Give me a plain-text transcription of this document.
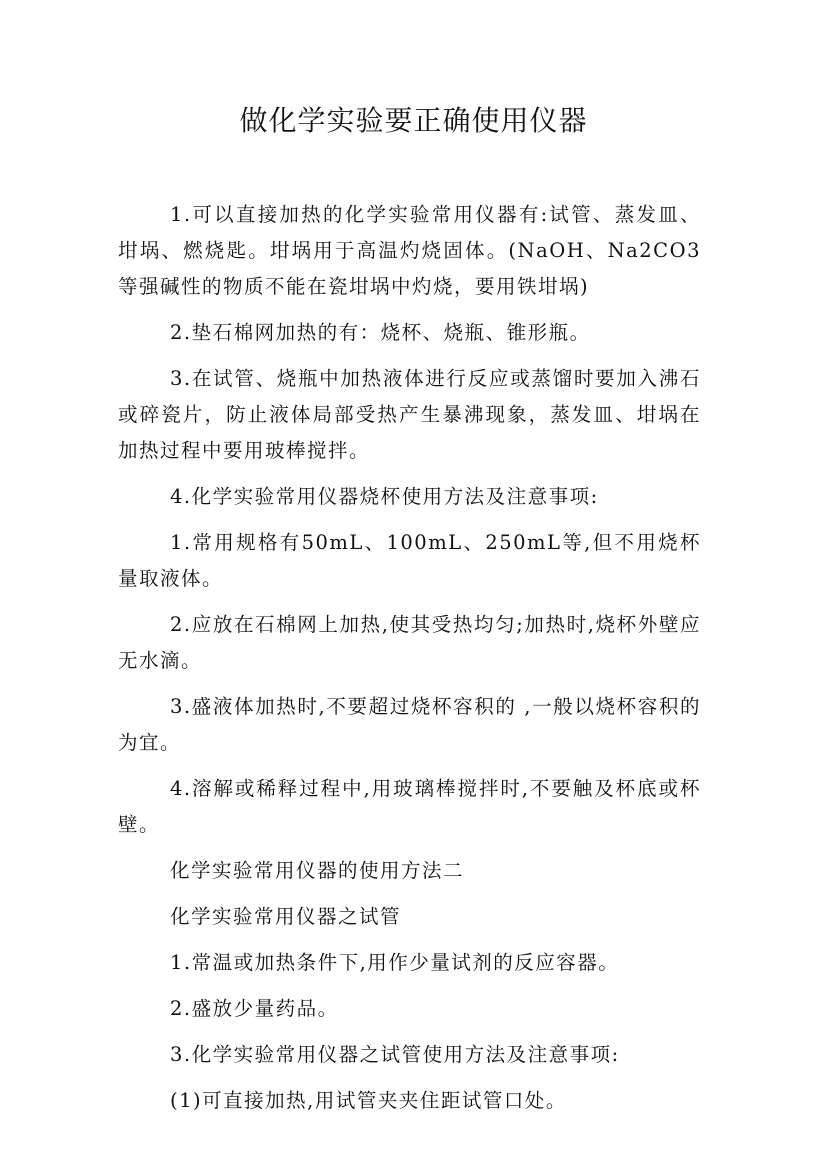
做化学实验要正确使用仪器

1.可以直接加热的化学实验常用仪器有:试管、蒸发皿、坩埚、燃烧匙。坩埚用于高温灼烧固体。(NaOH、Na2CO3等强碱性的物质不能在瓷坩埚中灼烧，要用铁坩埚)

2.垫石棉网加热的有：烧杯、烧瓶、锥形瓶。

3.在试管、烧瓶中加热液体进行反应或蒸馏时要加入沸石或碎瓷片，防止液体局部受热产生暴沸现象，蒸发皿、坩埚在加热过程中要用玻棒搅拌。

4.化学实验常用仪器烧杯使用方法及注意事项:

1.常用规格有50mL、100mL、250mL等,但不用烧杯量取液体。

2.应放在石棉网上加热,使其受热均匀;加热时,烧杯外壁应无水滴。

3.盛液体加热时,不要超过烧杯容积的 ,一般以烧杯容积的 为宜。

4.溶解或稀释过程中,用玻璃棒搅拌时,不要触及杯底或杯壁。

化学实验常用仪器的使用方法二

化学实验常用仪器之试管

1.常温或加热条件下,用作少量试剂的反应容器。

2.盛放少量药品。

3.化学实验常用仪器之试管使用方法及注意事项:

(1)可直接加热,用试管夹夹住距试管口处。
